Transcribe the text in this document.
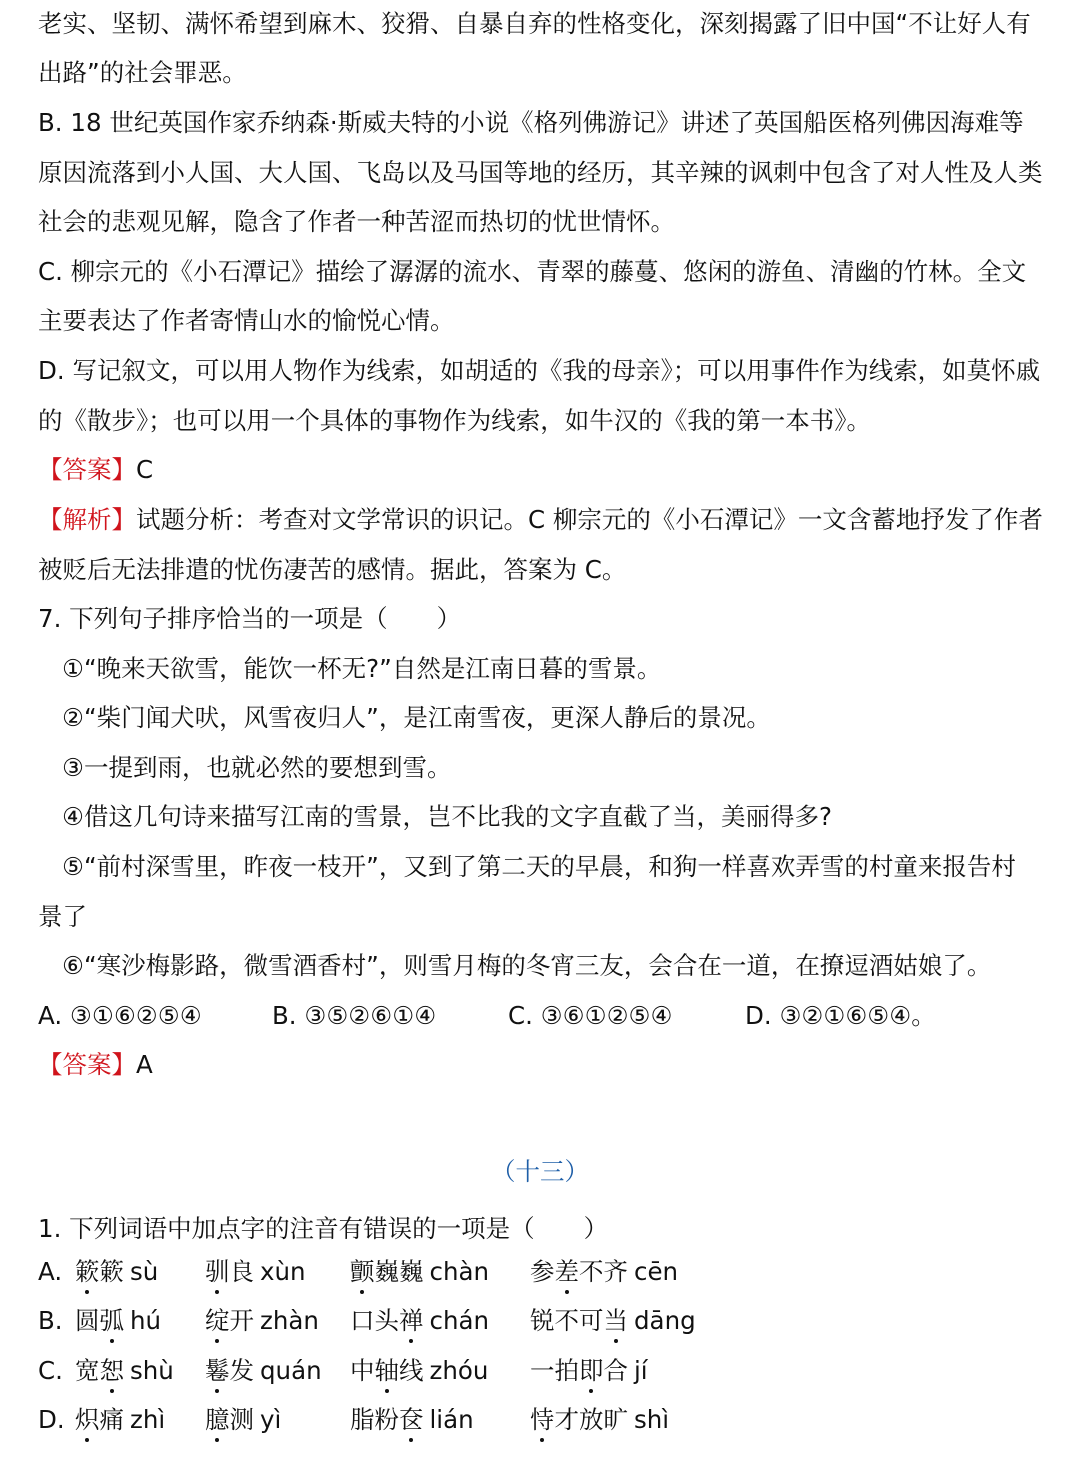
老实、坚韧、满怀希望到麻木、狡猾、自暴自弃的性格变化，深刻揭露了旧中国“不让好人有
出路”的社会罪恶。
B. 18 世纪英国作家乔纳森·斯威夫特的小说《格列佛游记》讲述了英国船医格列佛因海难等
原因流落到小人国、大人国、飞岛以及马国等地的经历，其辛辣的讽刺中包含了对人性及人类
社会的悲观见解，隐含了作者一种苦涩而热切的忧世情怀。
C. 柳宗元的《小石潭记》描绘了潺潺的流水、青翠的藤蔓、悠闲的游鱼、清幽的竹林。全文
主要表达了作者寄情山水的愉悦心情。
D. 写记叙文，可以用人物作为线索，如胡适的《我的母亲》；可以用事件作为线索，如莫怀戚
的《散步》；也可以用一个具体的事物作为线索，如牛汉的《我的第一本书》。
【答案】C
【解析】试题分析：考查对文学常识的识记。C 柳宗元的《小石潭记》一文含蓄地抒发了作者
被贬后无法排遣的忧伤凄苦的感情。据此，答案为 C。
7. 下列句子排序恰当的一项是（　　）
①“晚来天欲雪，能饮一杯无?”自然是江南日暮的雪景。
②“柴门闻犬吠，风雪夜归人”，是江南雪夜，更深人静后的景况。
③一提到雨，也就必然的要想到雪。
④借这几句诗来描写江南的雪景，岂不比我的文字直截了当，美丽得多?
⑤“前村深雪里，昨夜一枝开”，又到了第二天的早晨，和狗一样喜欢弄雪的村童来报告村
景了
⑥“寒沙梅影路，微雪酒香村”，则雪月梅的冬宵三友，会合在一道，在撩逗酒姑娘了。
A. ③①⑥②⑤④	B. ③⑤②⑥①④	C. ③⑥①②⑤④	D. ③②①⑥⑤④。
【答案】A
（十三）
1. 下列词语中加点字的注音有错误的一项是（　　）
A. 簌簌 sù 驯良 xùn 颤巍巍 chàn 参差不齐 cēn
B. 圆弧 hú 绽开 zhàn 口头禅 chán 锐不可当 dāng
C. 宽恕 shù 鬈发 quán 中轴线 zhóu 一拍即合 jí
D. 炽痛 zhì 臆测 yì	脂粉奁 lián 恃才放旷 shì
